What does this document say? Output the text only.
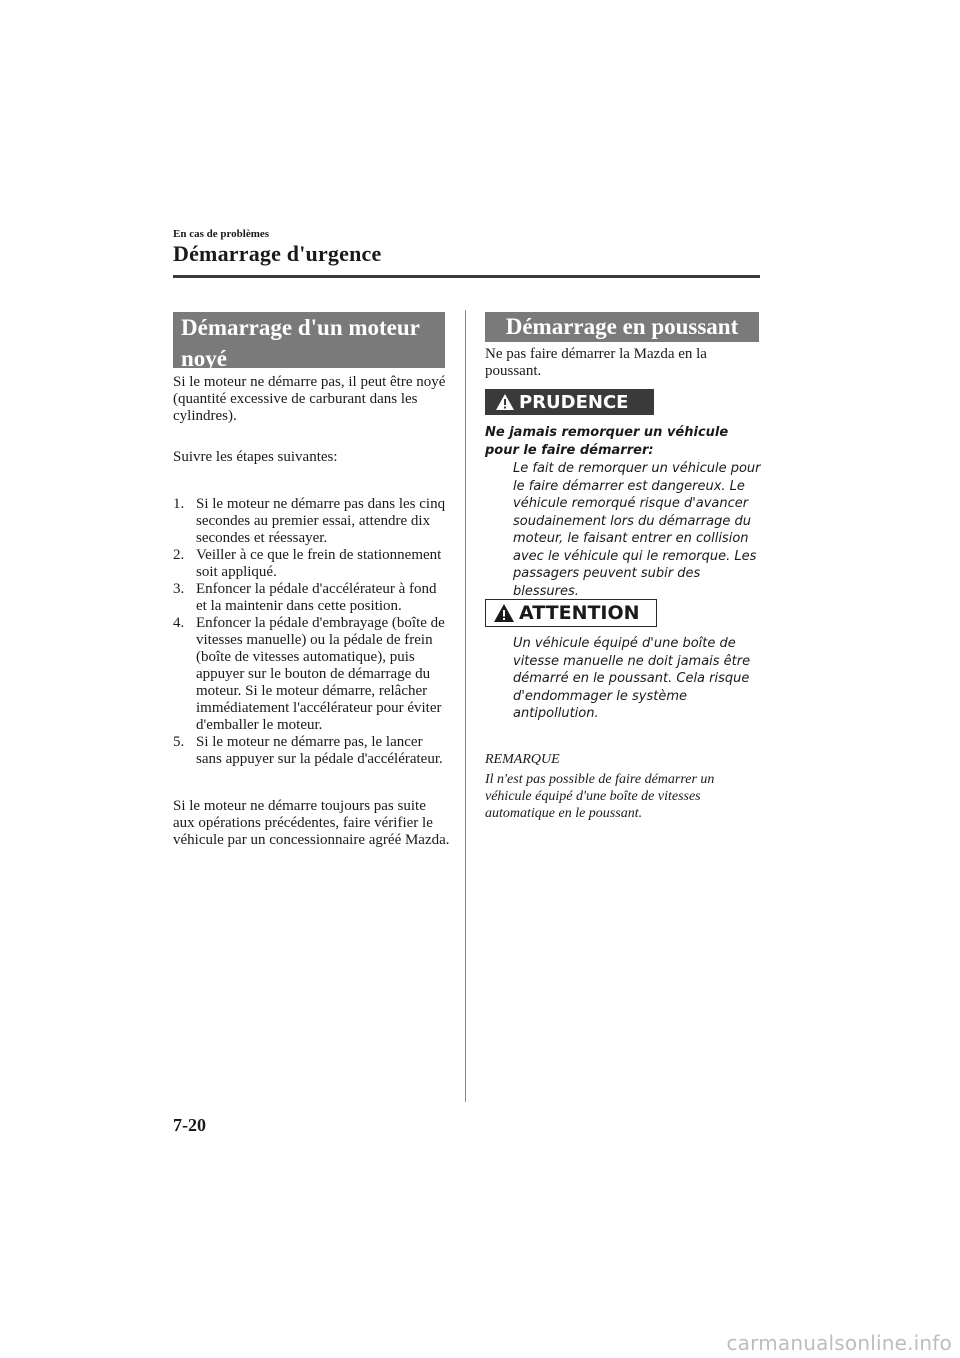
En cas de problèmes
Démarrage d'urgence
Démarrage d'un moteur noyé

Si le moteur ne démarre pas, il peut être noyé (quantité excessive de carburant dans les cylindres).

Suivre les étapes suivantes:

1. Si le moteur ne démarre pas dans les cinq secondes au premier essai, attendre dix secondes et réessayer.
2. Veiller à ce que le frein de stationnement soit appliqué.
3. Enfoncer la pédale d'accélérateur à fond et la maintenir dans cette position.
4. Enfoncer la pédale d'embrayage (boîte de vitesses manuelle) ou la pédale de frein (boîte de vitesses automatique), puis appuyer sur le bouton de démarrage du moteur. Si le moteur démarre, relâcher immédiatement l'accélérateur pour éviter d'emballer le moteur.
5. Si le moteur ne démarre pas, le lancer sans appuyer sur la pédale d'accélérateur.

Si le moteur ne démarre toujours pas suite aux opérations précédentes, faire vérifier le véhicule par un concessionnaire agréé Mazda.

Démarrage en poussant

Ne pas faire démarrer la Mazda en la poussant.

PRUDENCE
Ne jamais remorquer un véhicule pour le faire démarrer:
Le fait de remorquer un véhicule pour le faire démarrer est dangereux. Le véhicule remorqué risque d'avancer soudainement lors du démarrage du moteur, le faisant entrer en collision avec le véhicule qui le remorque. Les passagers peuvent subir des blessures.
ATTENTION
Un véhicule équipé d'une boîte de vitesse manuelle ne doit jamais être démarré en le poussant. Cela risque d'endommager le système antipollution.
REMARQUE
Il n'est pas possible de faire démarrer un véhicule équipé d'une boîte de vitesses automatique en le poussant.
7-20
carmanualsonline.info
